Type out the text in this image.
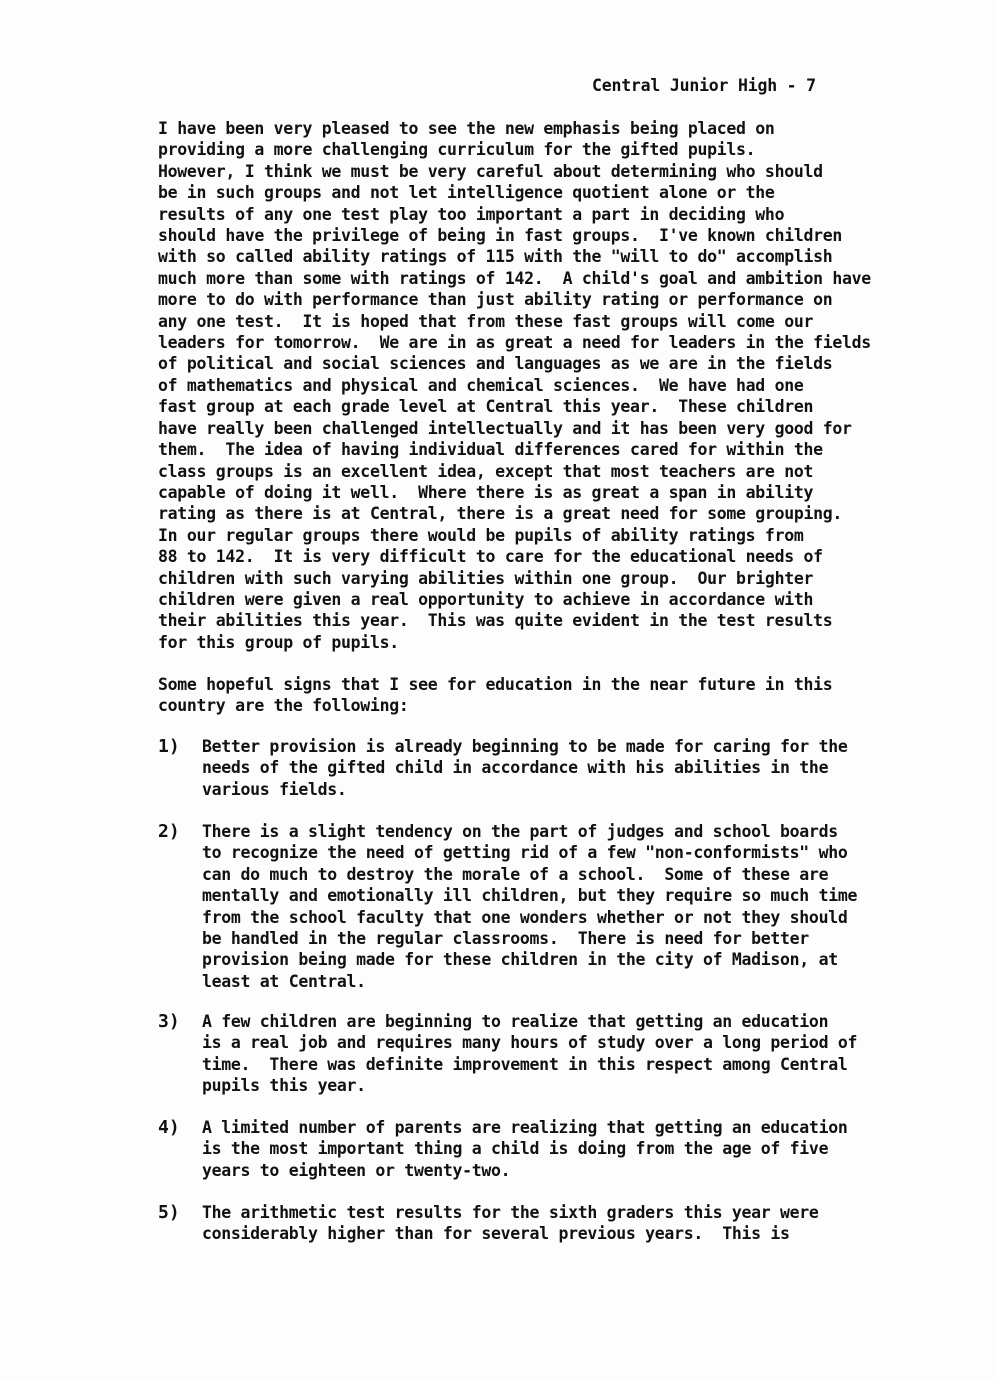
Central Junior High - 7
I have been very pleased to see the new emphasis being placed on
providing a more challenging curriculum for the gifted pupils.
However, I think we must be very careful about determining who should
be in such groups and not let intelligence quotient alone or the
results of any one test play too important a part in deciding who
should have the privilege of being in fast groups.  I've known children
with so called ability ratings of 115 with the "will to do" accomplish
much more than some with ratings of 142.  A child's goal and ambition have
more to do with performance than just ability rating or performance on
any one test.  It is hoped that from these fast groups will come our
leaders for tomorrow.  We are in as great a need for leaders in the fields
of political and social sciences and languages as we are in the fields
of mathematics and physical and chemical sciences.  We have had one
fast group at each grade level at Central this year.  These children
have really been challenged intellectually and it has been very good for
them.  The idea of having individual differences cared for within the
class groups is an excellent idea, except that most teachers are not
capable of doing it well.  Where there is as great a span in ability
rating as there is at Central, there is a great need for some grouping.
In our regular groups there would be pupils of ability ratings from
88 to 142.  It is very difficult to care for the educational needs of
children with such varying abilities within one group.  Our brighter
children were given a real opportunity to achieve in accordance with
their abilities this year.  This was quite evident in the test results
for this group of pupils.
Some hopeful signs that I see for education in the near future in this
country are the following:
1) Better provision is already beginning to be made for caring for the
needs of the gifted child in accordance with his abilities in the
various fields.
2) There is a slight tendency on the part of judges and school boards
to recognize the need of getting rid of a few "non-conformists" who
can do much to destroy the morale of a school.  Some of these are
mentally and emotionally ill children, but they require so much time
from the school faculty that one wonders whether or not they should
be handled in the regular classrooms.  There is need for better
provision being made for these children in the city of Madison, at
least at Central.
3) A few children are beginning to realize that getting an education
is a real job and requires many hours of study over a long period of
time.  There was definite improvement in this respect among Central
pupils this year.
4) A limited number of parents are realizing that getting an education
is the most important thing a child is doing from the age of five
years to eighteen or twenty-two.
5) The arithmetic test results for the sixth graders this year were
considerably higher than for several previous years.  This is
